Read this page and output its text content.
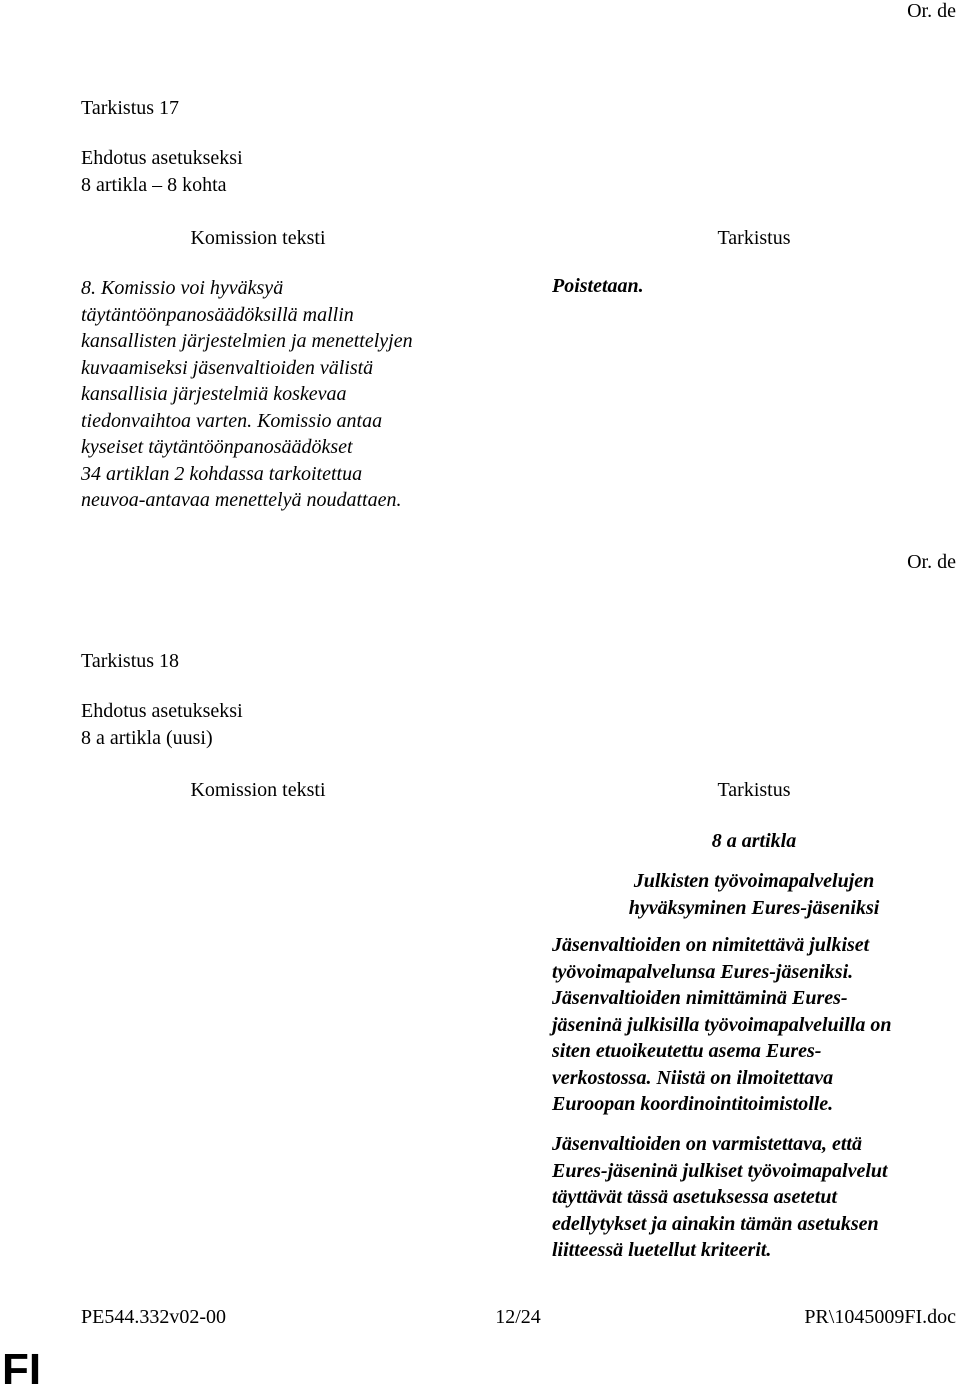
Or. de
Tarkistus 17
Ehdotus asetukseksi
8 artikla – 8 kohta
Komission teksti	Tarkistus
8. Komissio voi hyväksyä
täytäntöönpanosäädöksillä mallin
kansallisten järjestelmien ja menettelyjen
kuvaamiseksi jäsenvaltioiden välistä
kansallisia järjestelmiä koskevaa
tiedonvaihtoa varten. Komissio antaa
kyseiset täytäntöönpanosäädökset
34 artiklan 2 kohdassa tarkoitettua
neuvoa-antavaa menettelyä noudattaen.
Poistetaan.
Or. de
Tarkistus 18
Ehdotus asetukseksi
8 a artikla (uusi)
Komission teksti	Tarkistus
8 a artikla
Julkisten työvoimapalvelujen
hyväksyminen Eures-jäseniksi
Jäsenvaltioiden on nimitettävä julkiset
työvoimapalvelunsa Eures-jäseniksi.
Jäsenvaltioiden nimittäminä Eures-
jäseninä julkisilla työvoimapalveluilla on
siten etuoikeutettu asema Eures-
verkostossa. Niistä on ilmoitettava
Euroopan koordinointitoimistolle.
Jäsenvaltioiden on varmistettava, että
Eures-jäseninä julkiset työvoimapalvelut
täyttävät tässä asetuksessa asetetut
edellytykset ja ainakin tämän asetuksen
liitteessä luetellut kriteerit.
PE544.332v02-00	12/24	PR\1045009FI.doc
FI
